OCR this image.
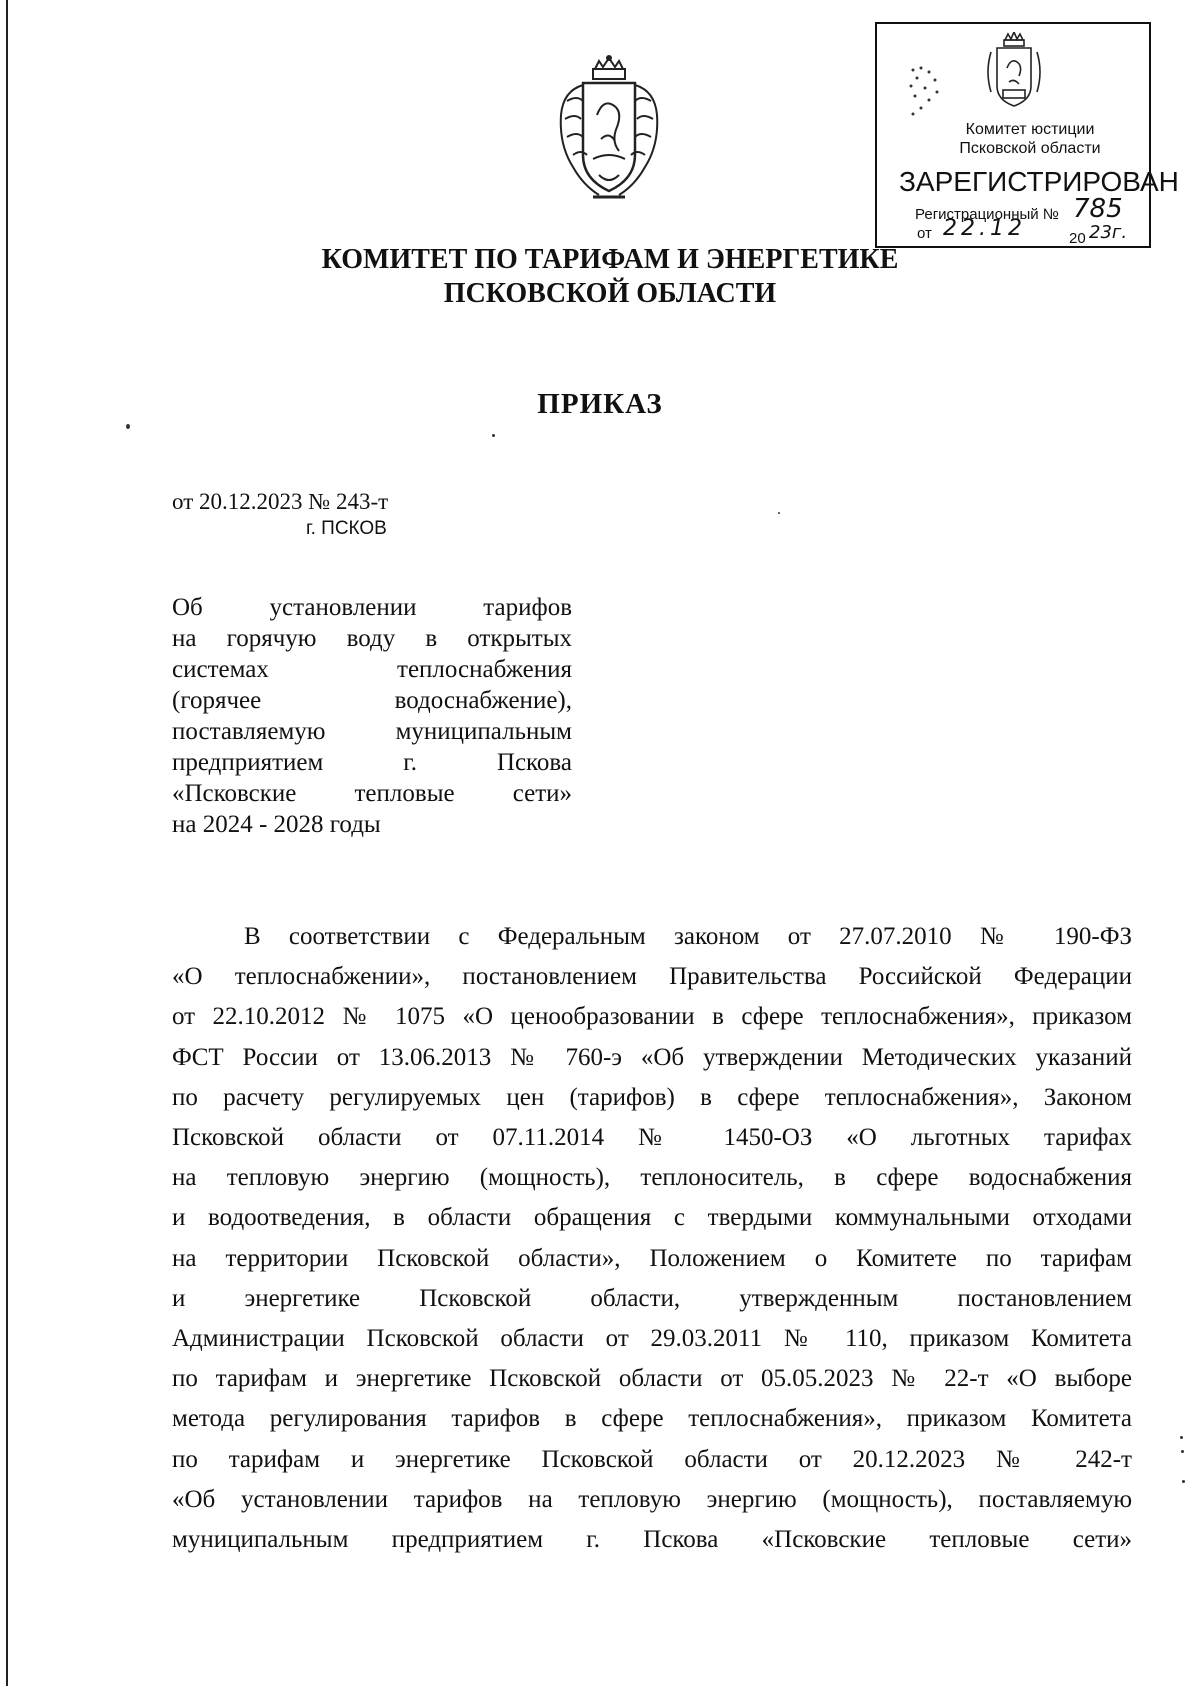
Комитет юстиции
Псковской области
ЗАРЕГИСТРИРОВАН
Регистрационный № 785
от 22.12	20 23г.
КОМИТЕТ ПО ТАРИФАМ И ЭНЕРГЕТИКЕ
ПСКОВСКОЙ ОБЛАСТИ
ПРИКАЗ
от 20.12.2023 № 243-т
г. ПСКОВ
Об установлении тарифов
на горячую воду в открытых
системах теплоснабжения
(горячее водоснабжение),
поставляемую муниципальным
предприятием г. Пскова
«Псковские тепловые сети»
на 2024 - 2028 годы
В соответствии с Федеральным законом от 27.07.2010 № 190-ФЗ
«О теплоснабжении», постановлением Правительства Российской Федерации
от 22.10.2012 № 1075 «О ценообразовании в сфере теплоснабжения», приказом
ФСТ России от 13.06.2013 № 760-э «Об утверждении Методических указаний
по расчету регулируемых цен (тарифов) в сфере теплоснабжения», Законом
Псковской области от 07.11.2014 № 1450-ОЗ «О льготных тарифах
на тепловую энергию (мощность), теплоноситель, в сфере водоснабжения
и водоотведения, в области обращения с твердыми коммунальными отходами
на территории Псковской области», Положением о Комитете по тарифам
и энергетике Псковской области, утвержденным постановлением
Администрации Псковской области от 29.03.2011 № 110, приказом Комитета
по тарифам и энергетике Псковской области от 05.05.2023 № 22-т «О выборе
метода регулирования тарифов в сфере теплоснабжения», приказом Комитета
по тарифам и энергетике Псковской области от 20.12.2023 № 242-т
«Об установлении тарифов на тепловую энергию (мощность), поставляемую
муниципальным предприятием г. Пскова «Псковские тепловые сети»
